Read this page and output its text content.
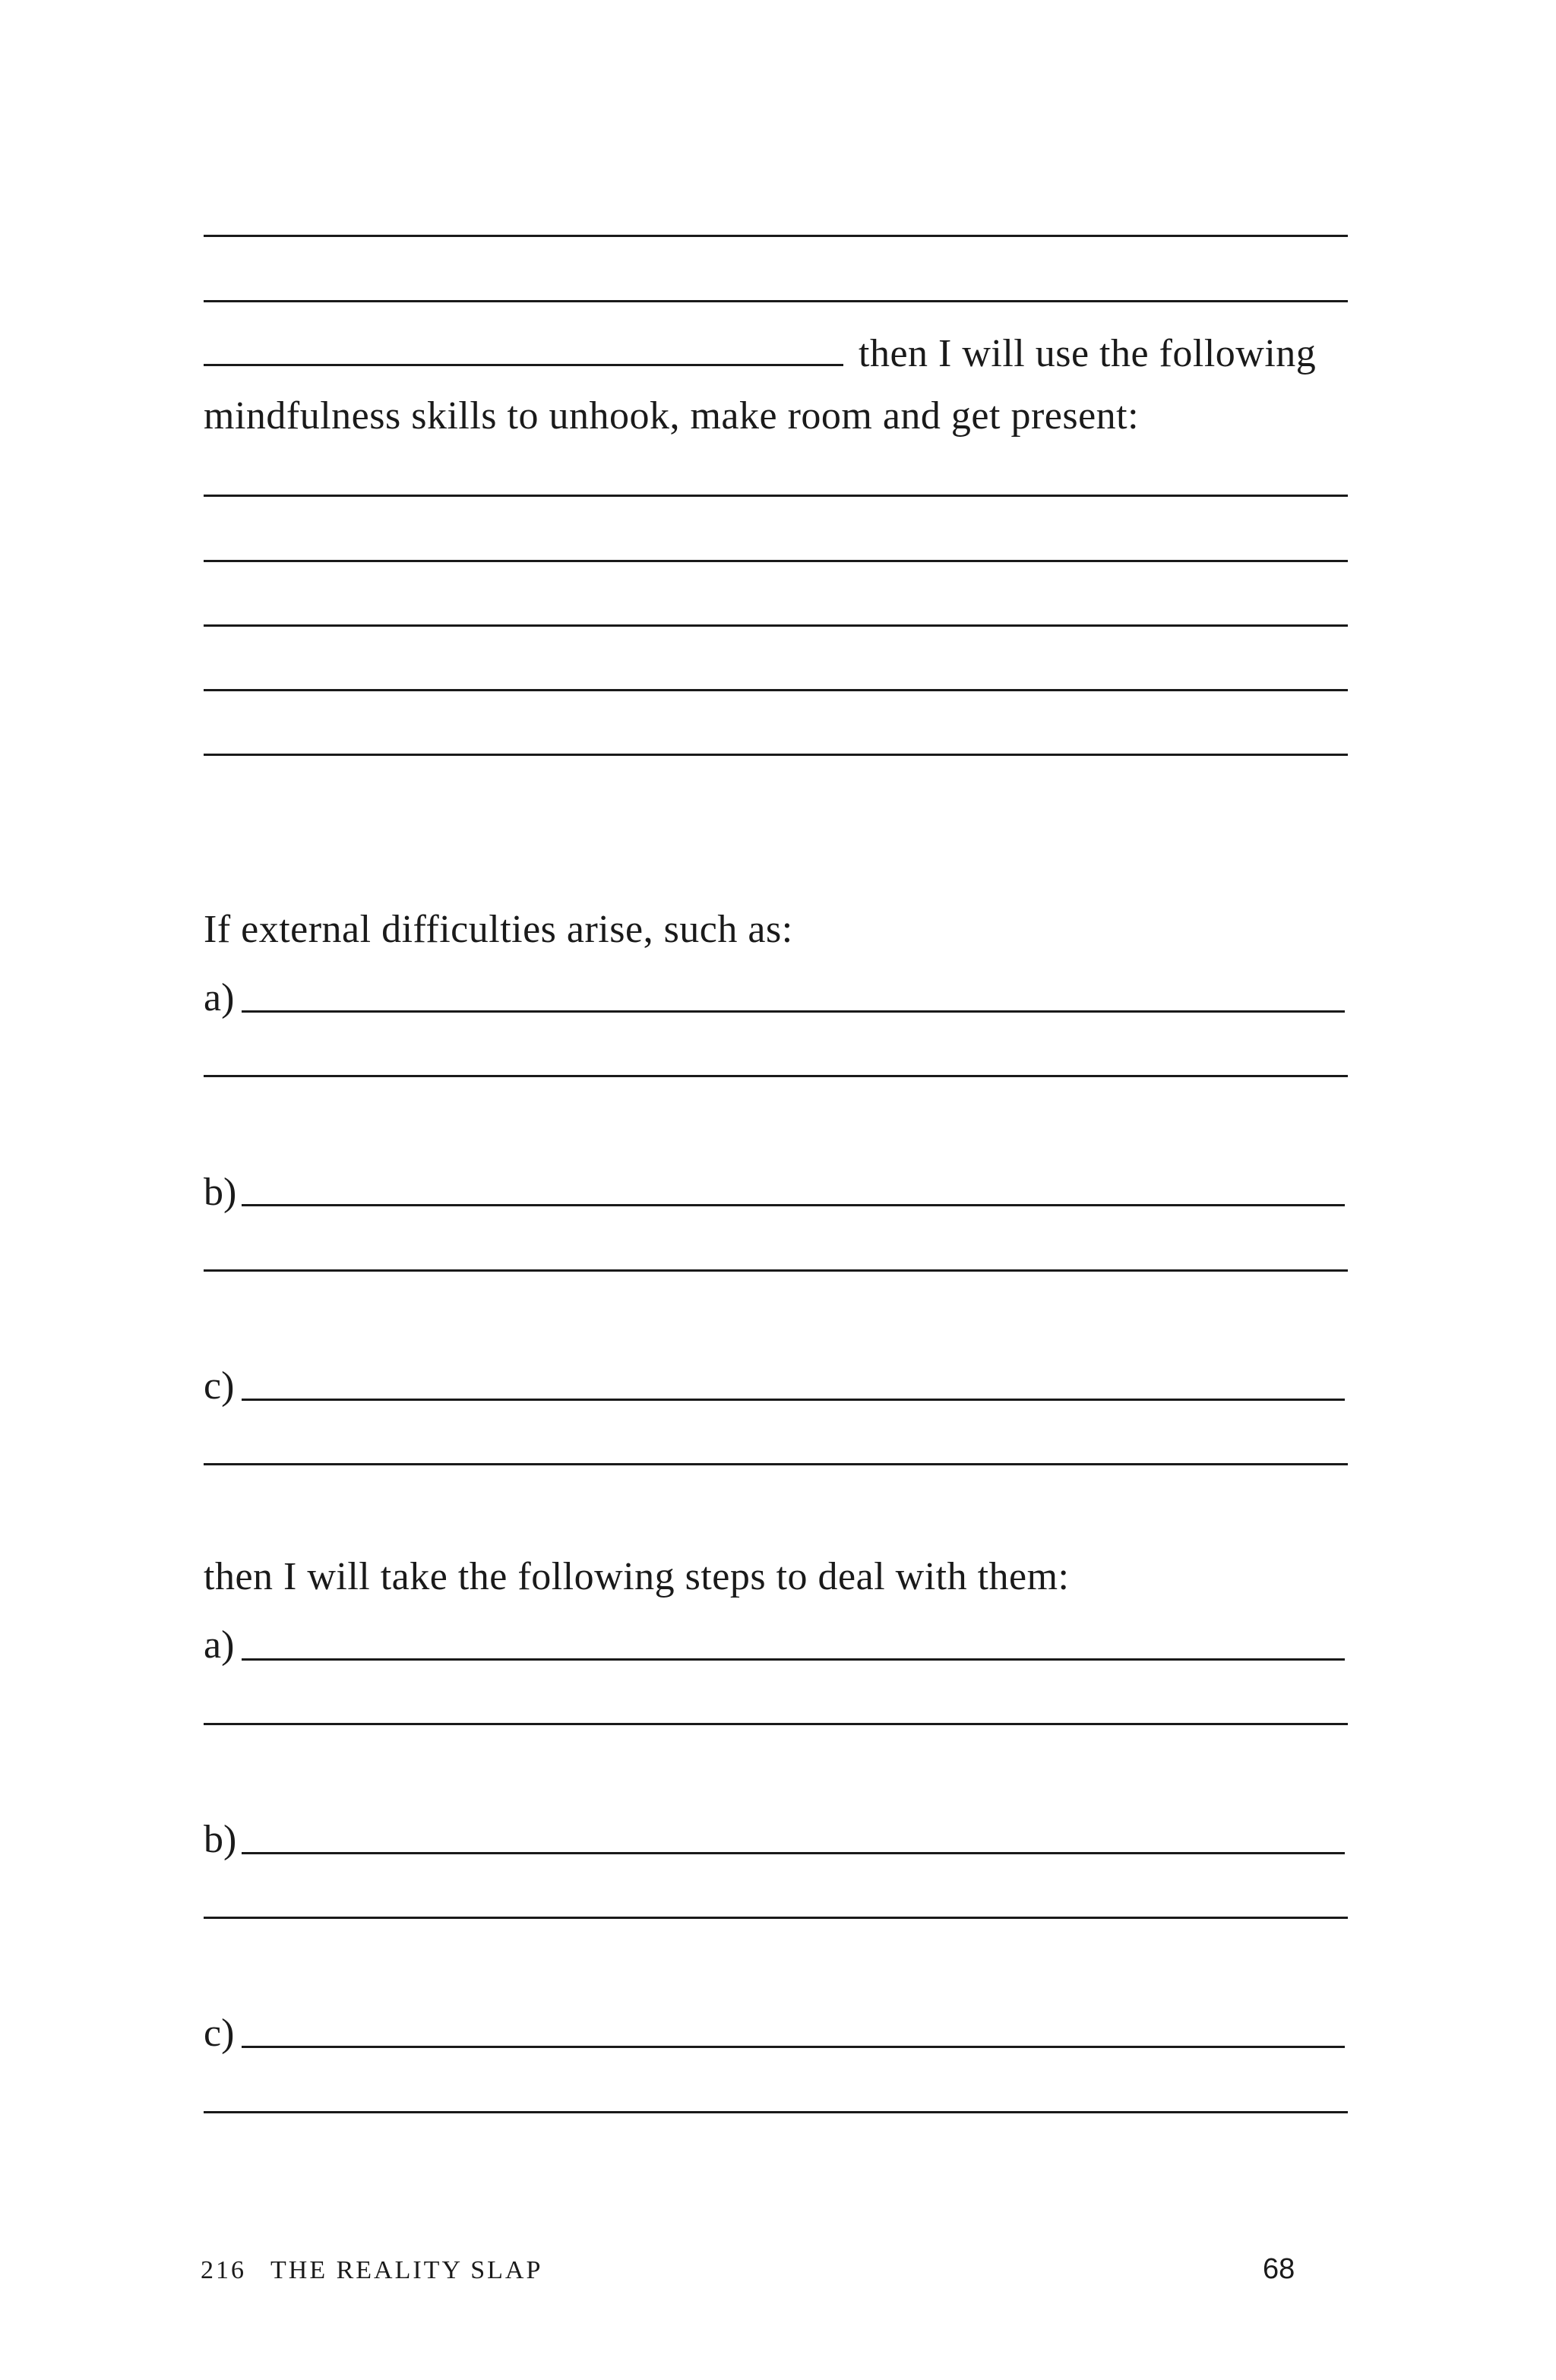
then I will use the following
mindfulness skills to unhook, make room and get present:
If external difficulties arise, such as:
a)
b)
c)
then I will take the following steps to deal with them:
a)
b)
c)
216 THE REALITY SLAP	68
